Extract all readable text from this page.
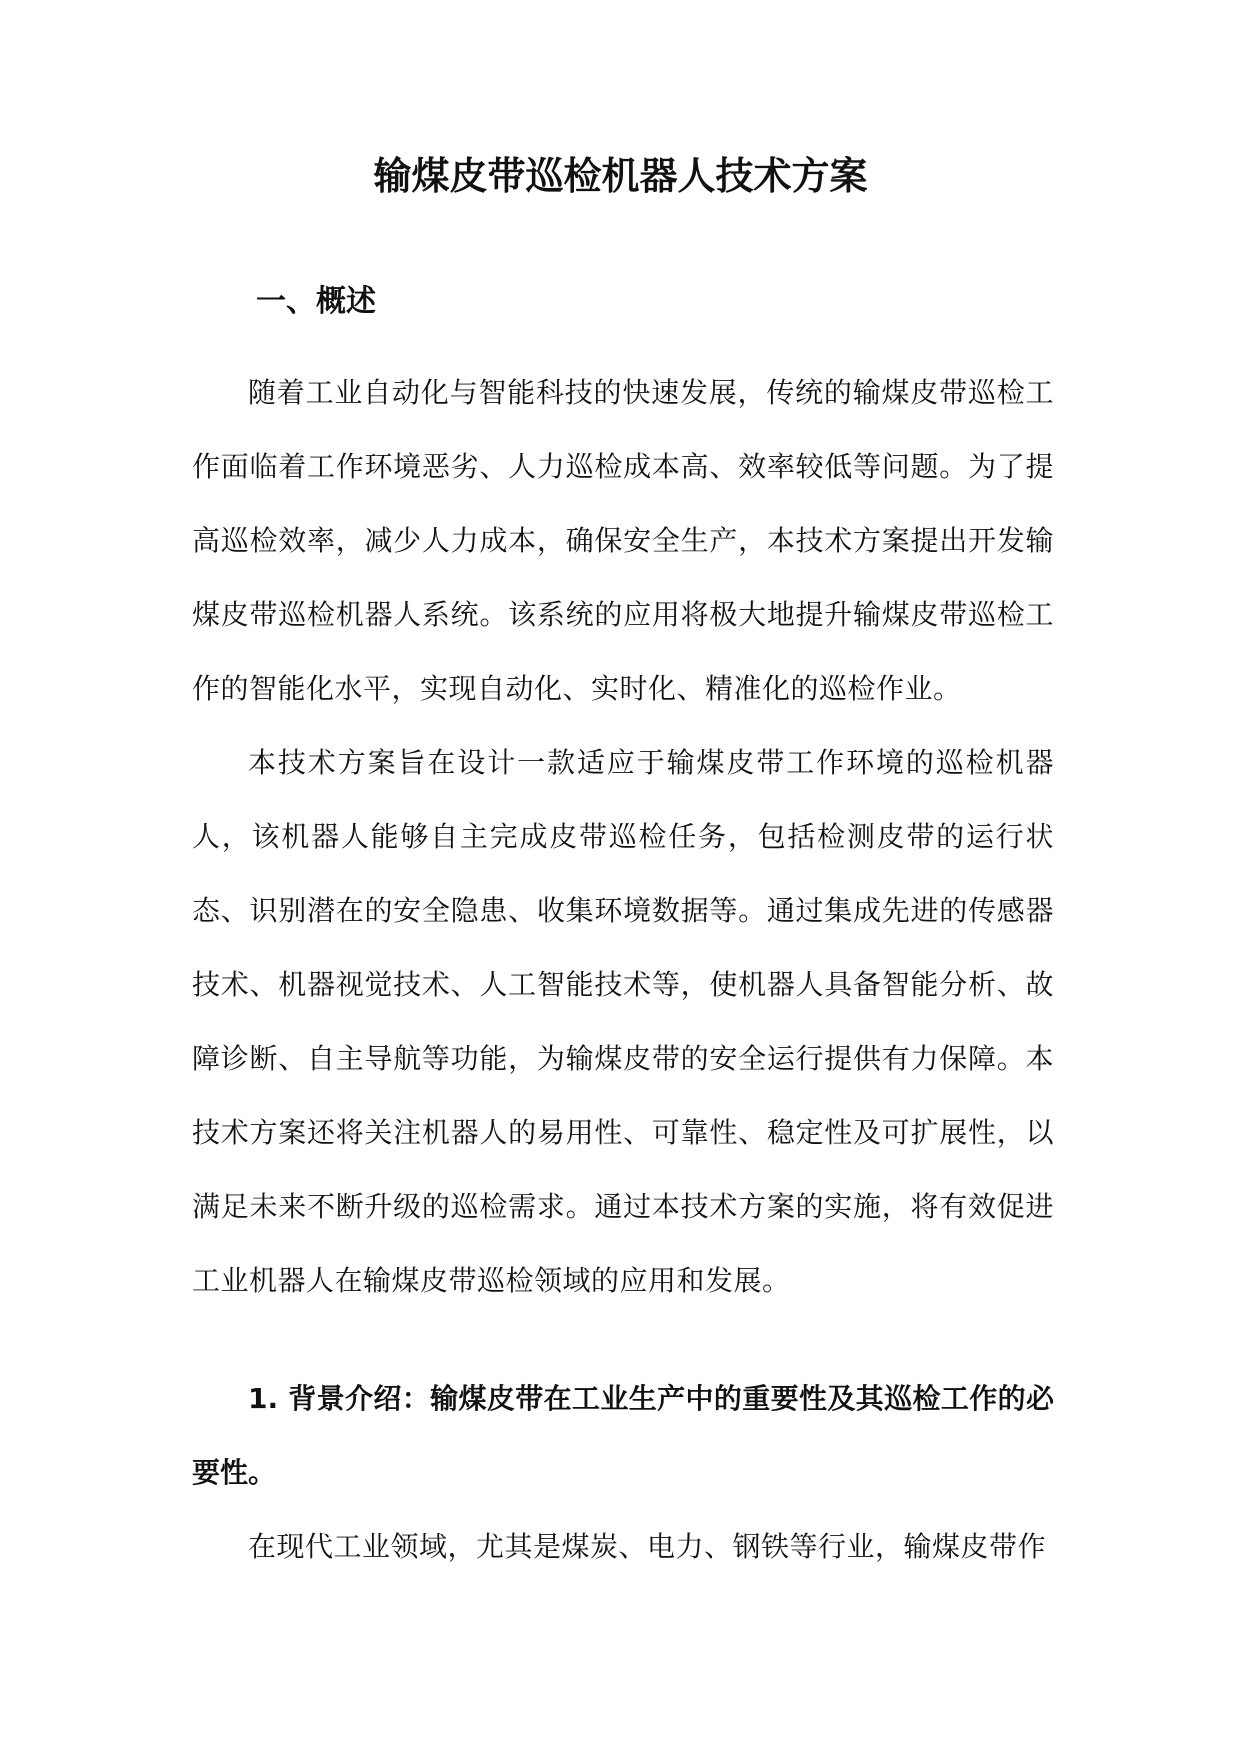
输煤皮带巡检机器人技术方案
一、概述

随着工业自动化与智能科技的快速发展，传统的输煤皮带巡检工作面临着工作环境恶劣、人力巡检成本高、效率较低等问题。为了提高巡检效率，减少人力成本，确保安全生产，本技术方案提出开发输煤皮带巡检机器人系统。该系统的应用将极大地提升输煤皮带巡检工作的智能化水平，实现自动化、实时化、精准化的巡检作业。

本技术方案旨在设计一款适应于输煤皮带工作环境的巡检机器人，该机器人能够自主完成皮带巡检任务，包括检测皮带的运行状态、识别潜在的安全隐患、收集环境数据等。通过集成先进的传感器技术、机器视觉技术、人工智能技术等，使机器人具备智能分析、故障诊断、自主导航等功能，为输煤皮带的安全运行提供有力保障。本技术方案还将关注机器人的易用性、可靠性、稳定性及可扩展性，以满足未来不断升级的巡检需求。通过本技术方案的实施，将有效促进工业机器人在输煤皮带巡检领域的应用和发展。

1. 背景介绍：输煤皮带在工业生产中的重要性及其巡检工作的必要性。

在现代工业领域，尤其是煤炭、电力、钢铁等行业，输煤皮带作
